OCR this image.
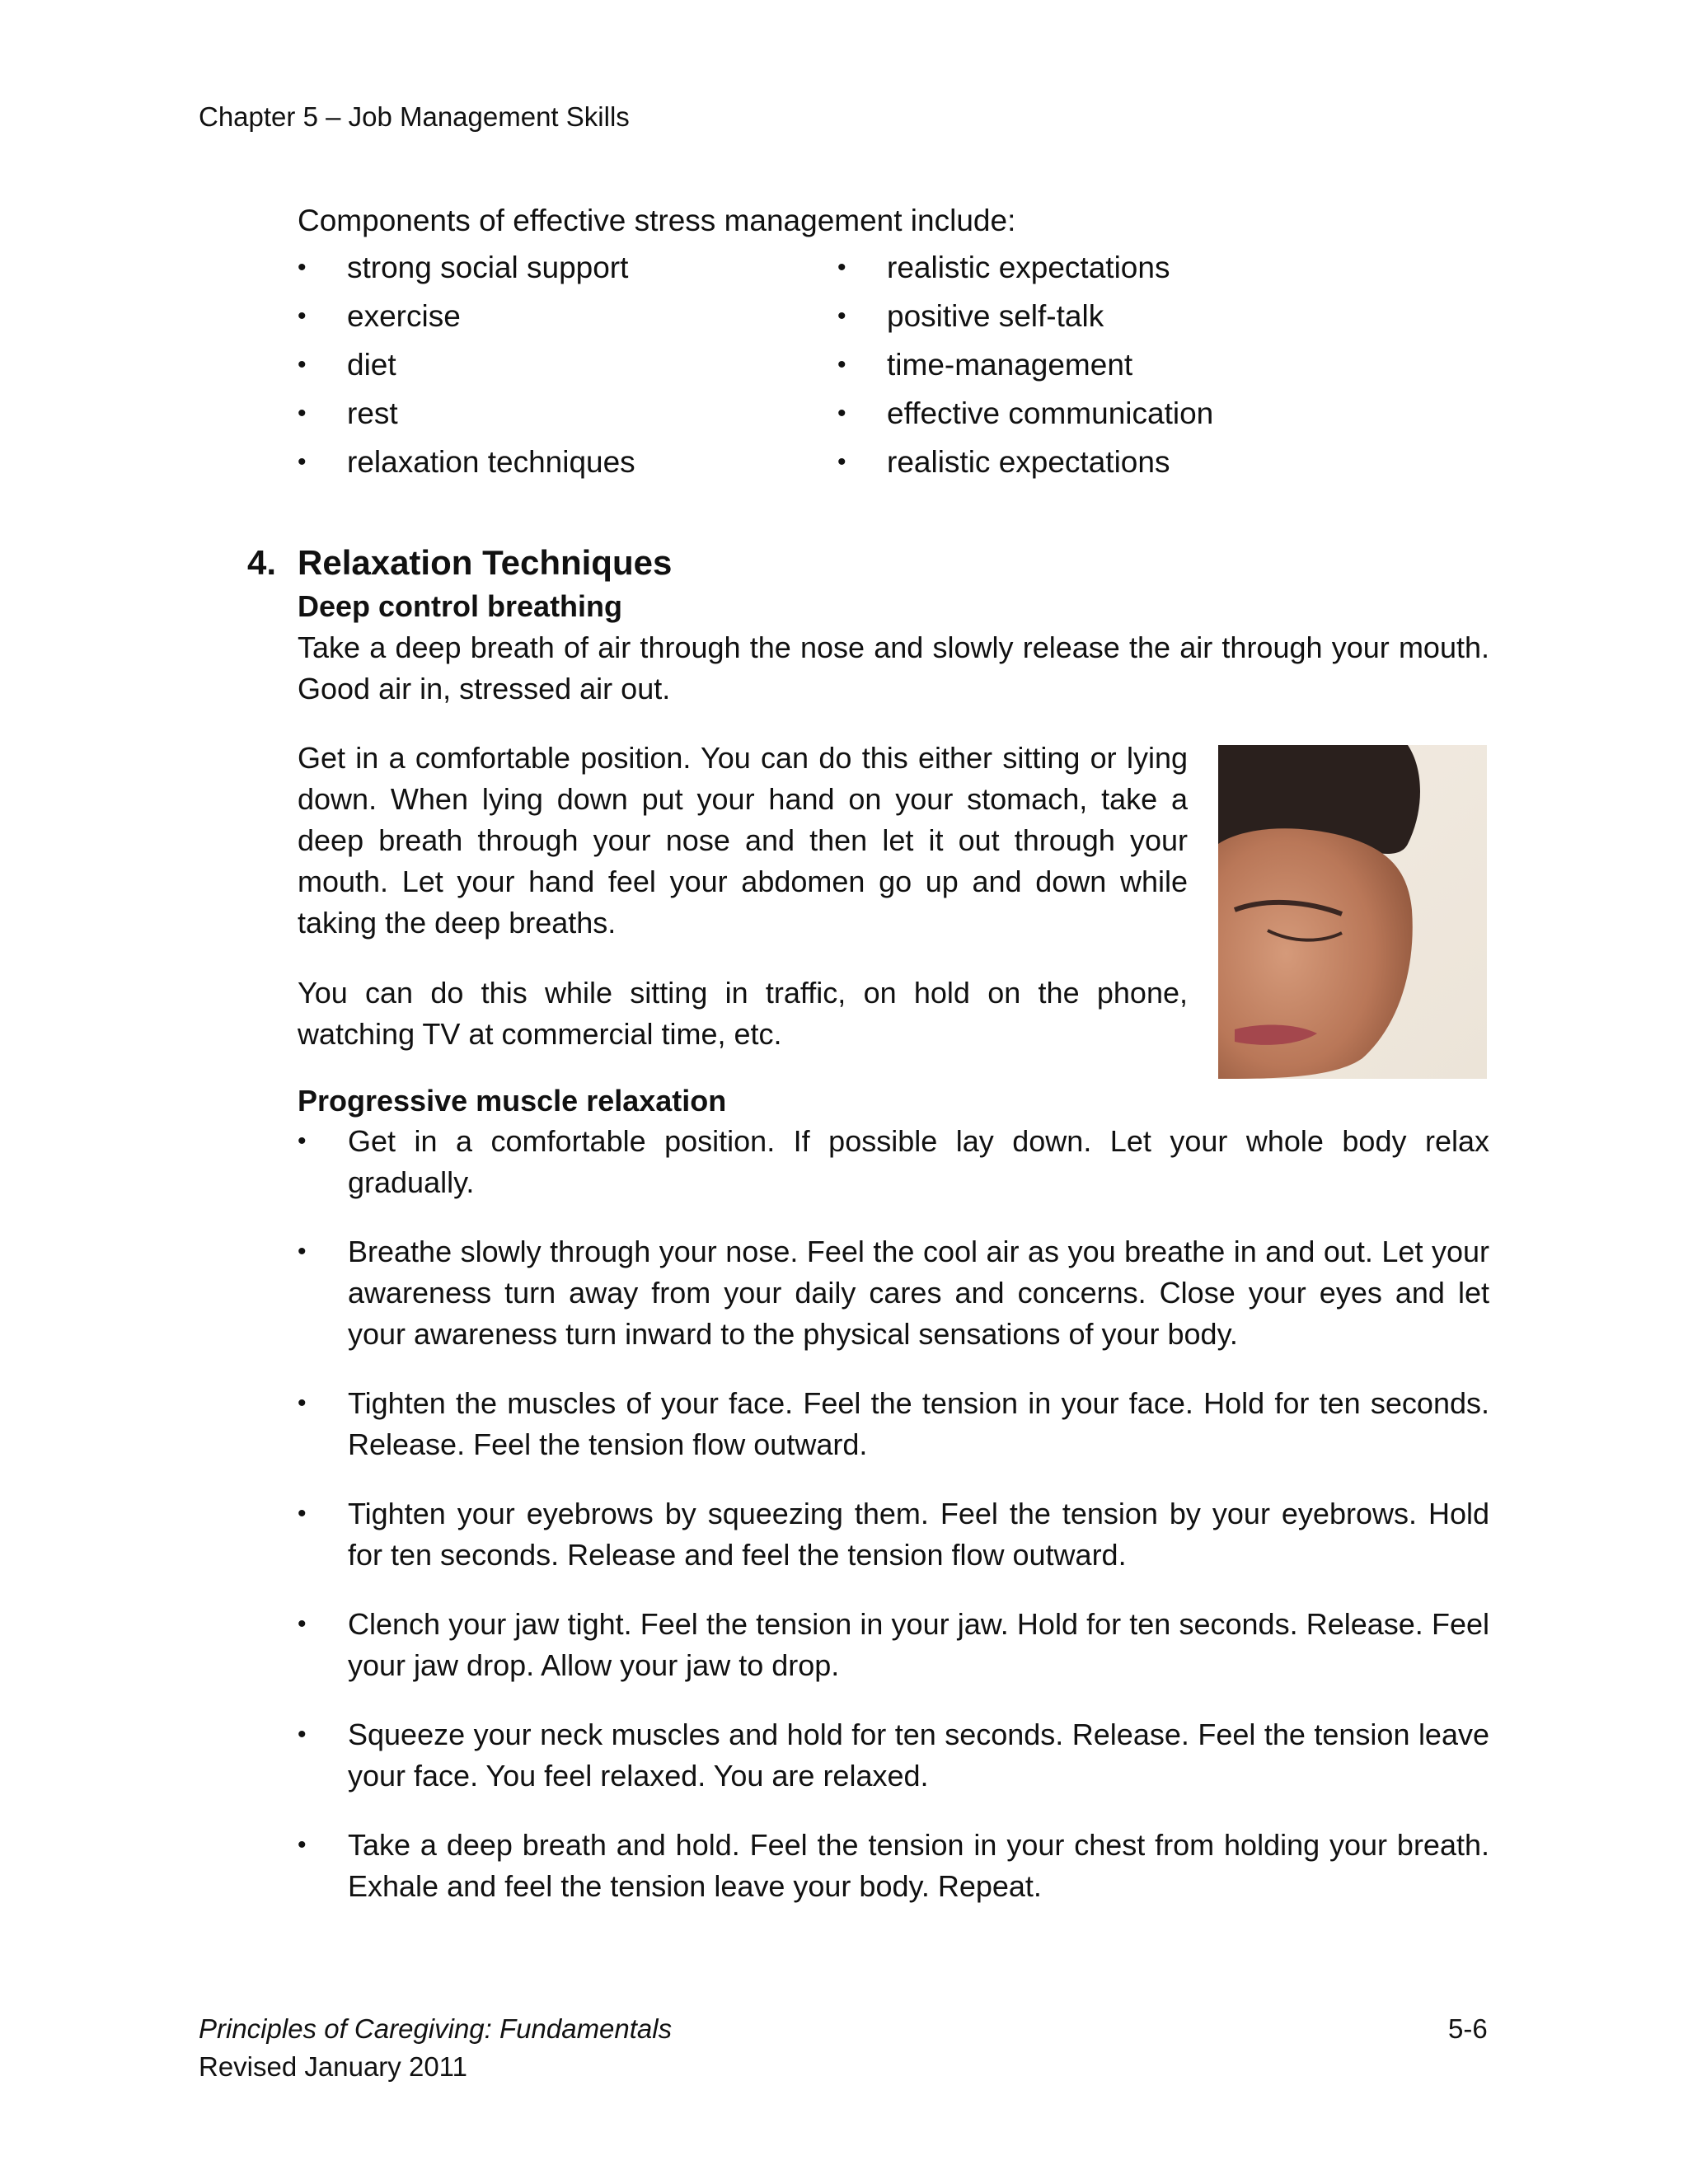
Chapter 5 – Job Management Skills
Components of effective stress management include:
• strong social support
• exercise
• diet
• rest
• relaxation techniques
• realistic expectations
• positive self-talk
• time-management
• effective communication
• realistic expectations
4. Relaxation Techniques
Deep control breathing
Take a deep breath of air through the nose and slowly release the air through your mouth. Good air in, stressed air out.
Get in a comfortable position. You can do this either sitting or lying down. When lying down put your hand on your stomach, take a deep breath through your nose and then let it out through your mouth. Let your hand feel your abdomen go up and down while taking the deep breaths.
You can do this while sitting in traffic, on hold on the phone, watching TV at commercial time, etc.
Progressive muscle relaxation
• Get in a comfortable position. If possible lay down. Let your whole body relax gradually.
• Breathe slowly through your nose. Feel the cool air as you breathe in and out. Let your awareness turn away from your daily cares and concerns. Close your eyes and let your awareness turn inward to the physical sensations of your body.
• Tighten the muscles of your face. Feel the tension in your face. Hold for ten seconds. Release. Feel the tension flow outward.
• Tighten your eyebrows by squeezing them. Feel the tension by your eyebrows. Hold for ten seconds. Release and feel the tension flow outward.
• Clench your jaw tight. Feel the tension in your jaw. Hold for ten seconds. Release. Feel your jaw drop. Allow your jaw to drop.
• Squeeze your neck muscles and hold for ten seconds. Release. Feel the tension leave your face. You feel relaxed. You are relaxed.
• Take a deep breath and hold. Feel the tension in your chest from holding your breath. Exhale and feel the tension leave your body. Repeat.
Principles of Caregiving: Fundamentals
Revised January 2011
5-6
